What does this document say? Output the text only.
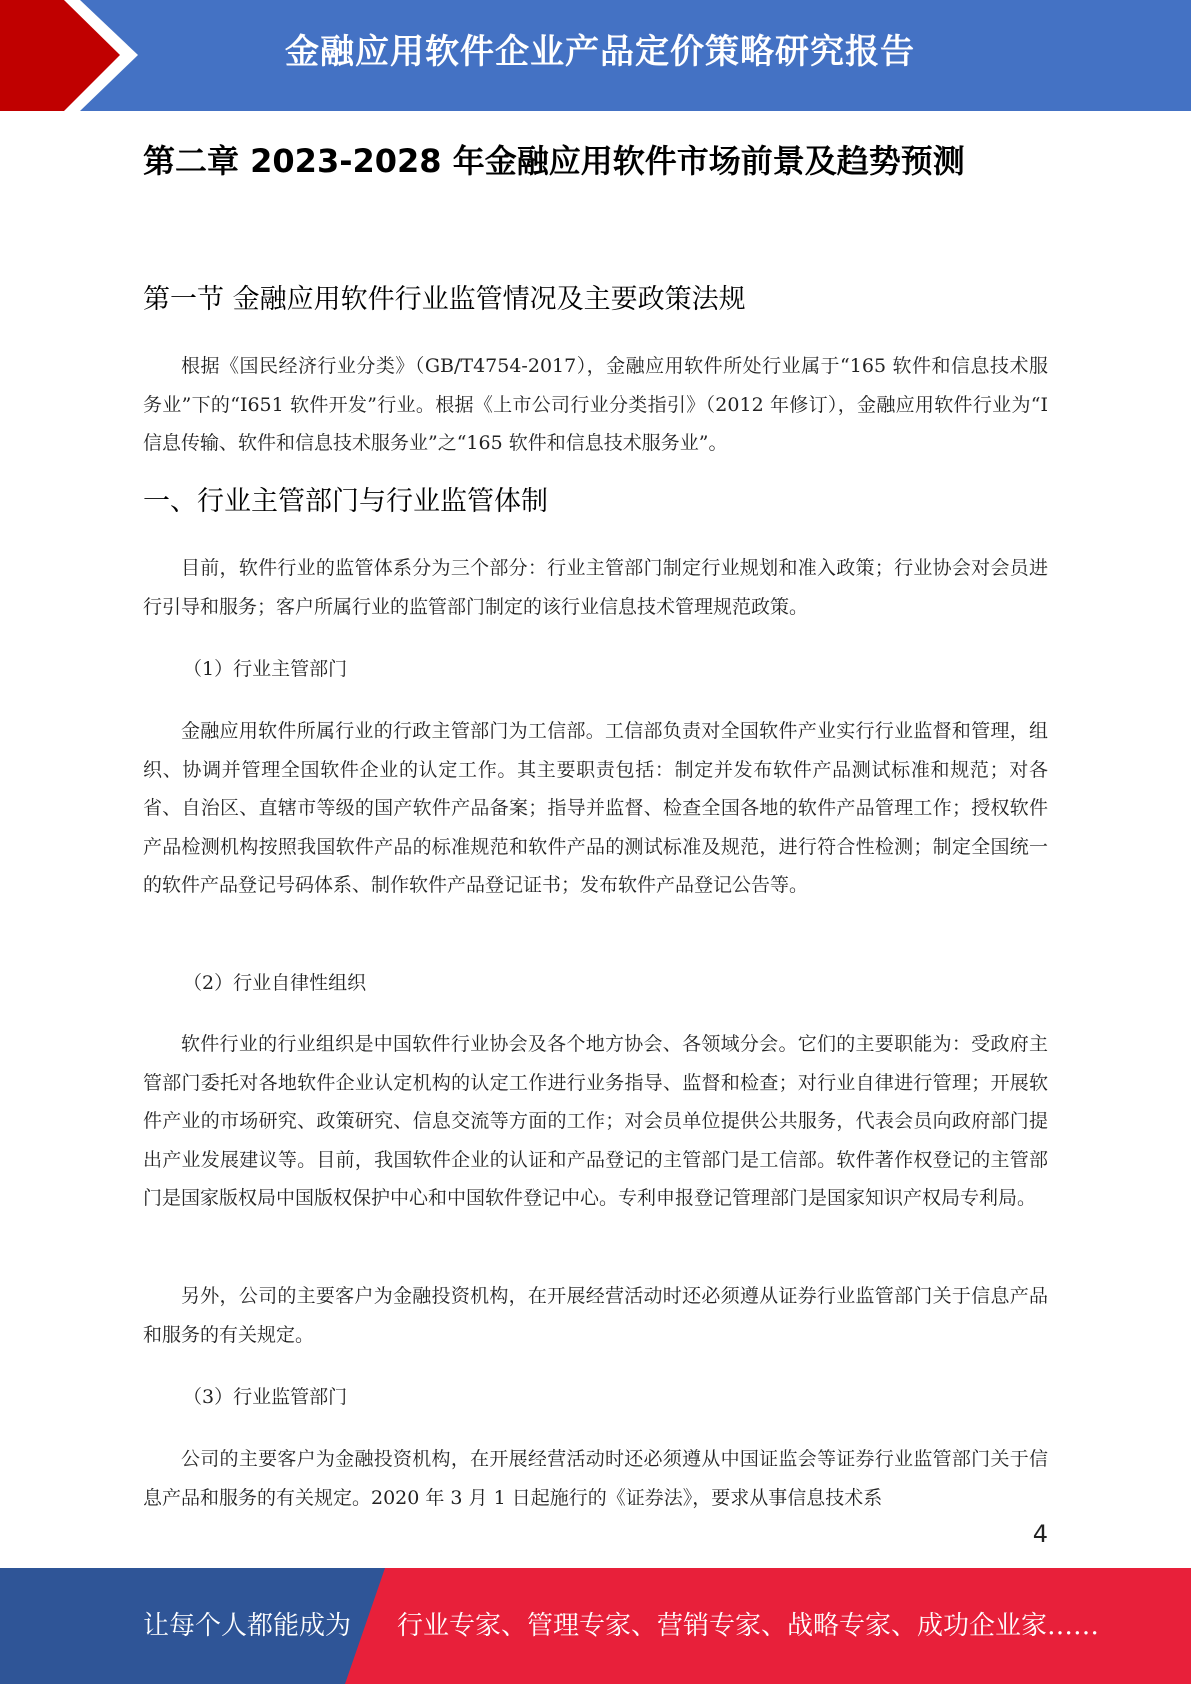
金融应用软件企业产品定价策略研究报告
第二章 2023-2028 年金融应用软件市场前景及趋势预测
第一节 金融应用软件行业监管情况及主要政策法规

根据《国民经济行业分类》（GB/T4754-2017），金融应用软件所处行业属于“165 软件和信息技术服务业”下的“I651 软件开发”行业。根据《上市公司行业分类指引》（2012 年修订），金融应用软件行业为“I 信息传输、软件和信息技术服务业”之“165 软件和信息技术服务业”。

一、行业主管部门与行业监管体制

目前，软件行业的监管体系分为三个部分：行业主管部门制定行业规划和准入政策；行业协会对会员进行引导和服务；客户所属行业的监管部门制定的该行业信息技术管理规范政策。

（1）行业主管部门

金融应用软件所属行业的行政主管部门为工信部。工信部负责对全国软件产业实行行业监督和管理，组织、协调并管理全国软件企业的认定工作。其主要职责包括：制定并发布软件产品测试标准和规范；对各省、自治区、直辖市等级的国产软件产品备案；指导并监督、检查全国各地的软件产品管理工作；授权软件产品检测机构按照我国软件产品的标准规范和软件产品的测试标准及规范，进行符合性检测；制定全国统一的软件产品登记号码体系、制作软件产品登记证书；发布软件产品登记公告等。

（2）行业自律性组织

软件行业的行业组织是中国软件行业协会及各个地方协会、各领域分会。它们的主要职能为：受政府主管部门委托对各地软件企业认定机构的认定工作进行业务指导、监督和检查；对行业自律进行管理；开展软件产业的市场研究、政策研究、信息交流等方面的工作；对会员单位提供公共服务，代表会员向政府部门提出产业发展建议等。目前，我国软件企业的认证和产品登记的主管部门是工信部。软件著作权登记的主管部门是国家版权局中国版权保护中心和中国软件登记中心。专利申报登记管理部门是国家知识产权局专利局。

另外，公司的主要客户为金融投资机构，在开展经营活动时还必须遵从证券行业监管部门关于信息产品和服务的有关规定。

（3）行业监管部门

公司的主要客户为金融投资机构，在开展经营活动时还必须遵从中国证监会等证券行业监管部门关于信息产品和服务的有关规定。2020 年 3 月 1 日起施行的《证券法》，要求从事信息技术系

4
让每个人都能成为 行业专家、管理专家、营销专家、战略专家、成功企业家……
